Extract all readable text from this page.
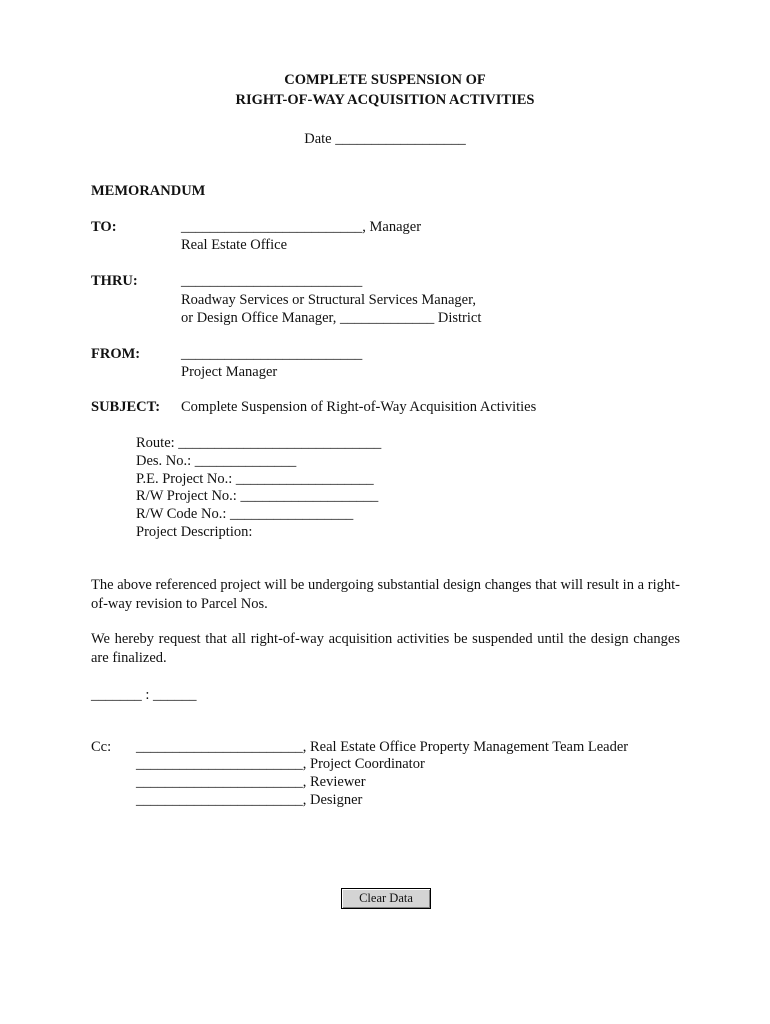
COMPLETE SUSPENSION OF
RIGHT-OF-WAY ACQUISITION ACTIVITIES
Date __________________
MEMORANDUM
TO:	_________________________, Manager
Real Estate Office
THRU:	_________________________
Roadway Services or Structural Services Manager,
or Design Office Manager, _____________ District
FROM:	_________________________
Project Manager
SUBJECT: Complete Suspension of Right-of-Way Acquisition Activities
Route: ____________________________
Des. No.: ______________
P.E. Project No.: ___________________
R/W Project No.: ___________________
R/W Code No.: _________________
Project Description:
The above referenced project will be undergoing substantial design changes that will result in a right-of-way revision to Parcel Nos.
We hereby request that all right-of-way acquisition activities be suspended until the design changes are finalized.
_______ : ______
Cc: _______________________, Real Estate Office Property Management Team Leader
_______________________, Project Coordinator
_______________________, Reviewer
_______________________, Designer
Clear Data
